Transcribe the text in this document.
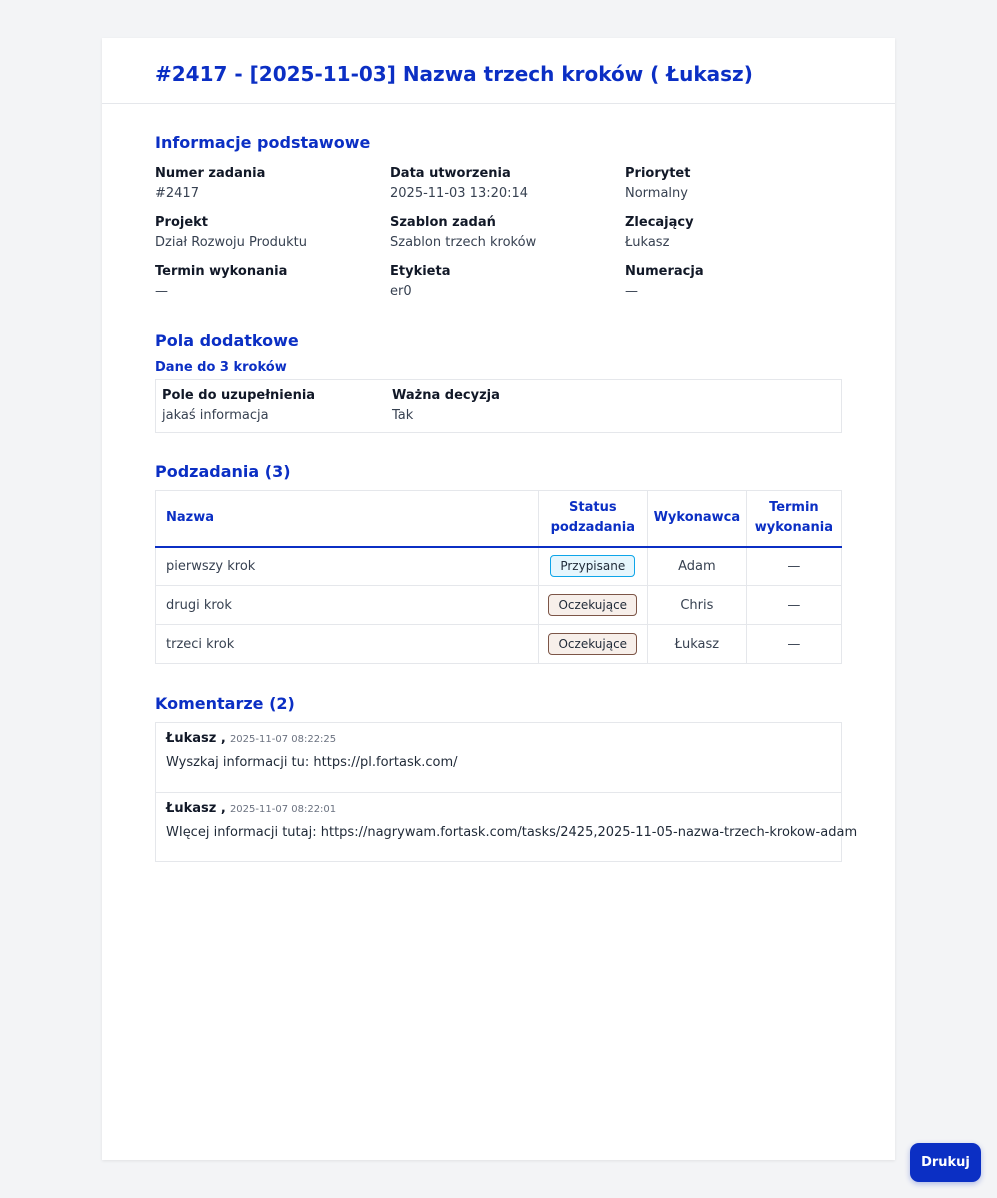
#2417 - [2025-11-03] Nazwa trzech kroków ( Łukasz)
Informacje podstawowe
Numer zadania
#2417
Data utworzenia
2025-11-03 13:20:14
Priorytet
Normalny
Projekt
Dział Rozwoju Produktu
Szablon zadań
Szablon trzech kroków
Zlecający
Łukasz
Termin wykonania
—
Etykieta
er0
Numeracja
—
Pola dodatkowe
Dane do 3 kroków
Pole do uzupełnienia
jakaś informacja
Ważna decyzja
Tak
Podzadania (3)
Nazwa	Status podzadania	Wykonawca	Termin wykonania
pierwszy krok	Przypisane	Adam	—
drugi krok	Oczekujące	Chris	—
trzeci krok	Oczekujące	Łukasz	—
Komentarze (2)
Łukasz , 2025-11-07 08:22:25
Wyszkaj informacji tu: https://pl.fortask.com/
Łukasz , 2025-11-07 08:22:01
WIęcej informacji tutaj: https://nagrywam.fortask.com/tasks/2425,2025-11-05-nazwa-trzech-krokow-adam
Drukuj
